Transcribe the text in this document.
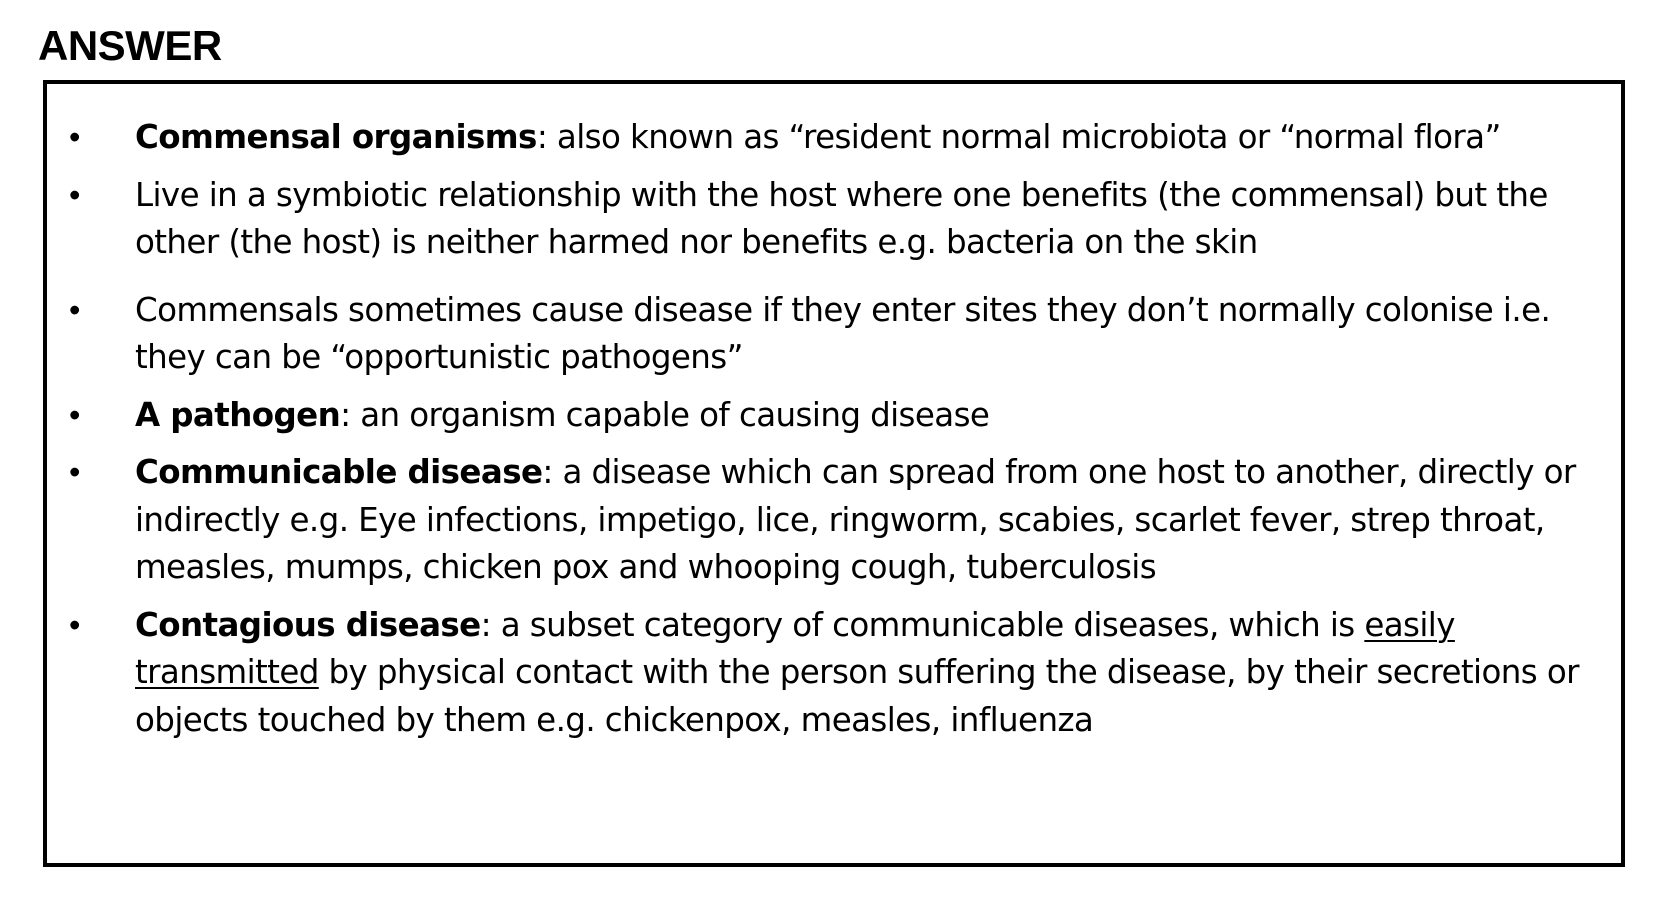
ANSWER
• Commensal organisms: also known as “resident normal microbiota or “normal flora”
• Live in a symbiotic relationship with the host where one benefits (the commensal) but the other (the host) is neither harmed nor benefits e.g. bacteria on the skin
• Commensals sometimes cause disease if they enter sites they don’t normally colonise i.e. they can be “opportunistic pathogens”
• A pathogen: an organism capable of causing disease
• Communicable disease: a disease which can spread from one host to another, directly or indirectly e.g. Eye infections, impetigo, lice, ringworm, scabies, scarlet fever, strep throat, measles, mumps, chicken pox and whooping cough, tuberculosis
• Contagious disease: a subset category of communicable diseases, which is easily transmitted by physical contact with the person suffering the disease, by their secretions or objects touched by them e.g. chickenpox, measles, influenza
